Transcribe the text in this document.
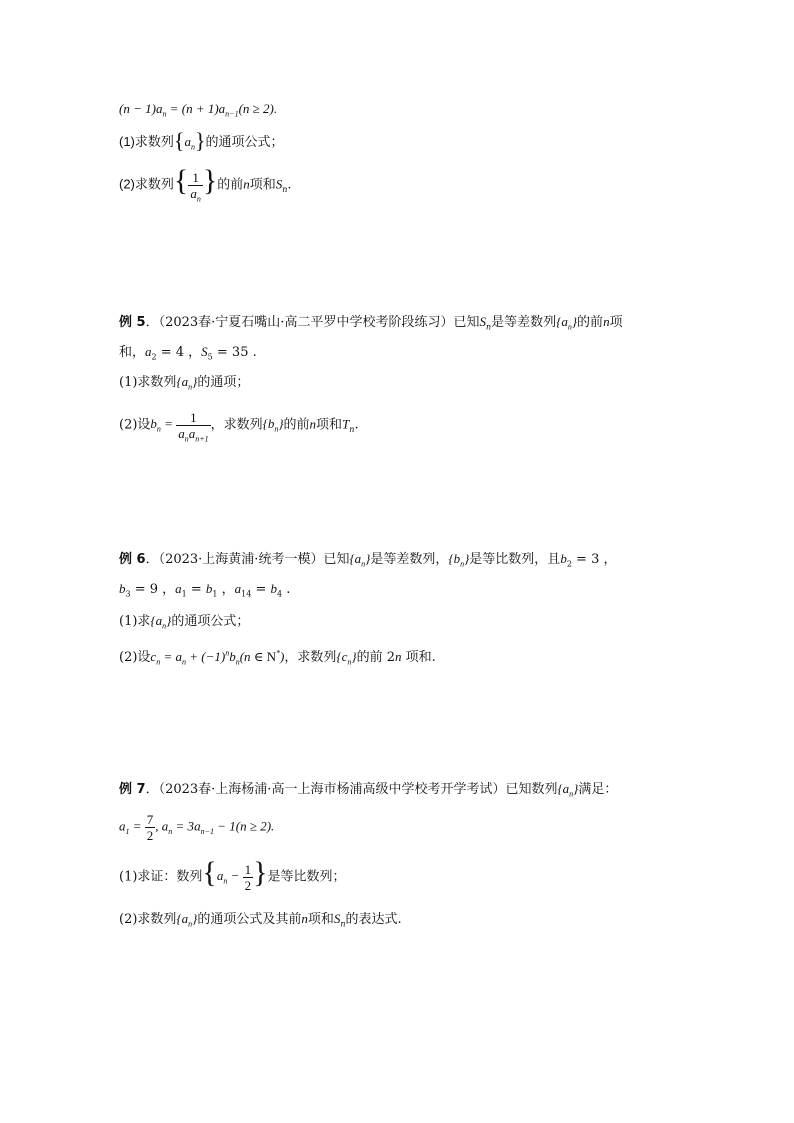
$(n - 1)a_n = (n + 1)a_{n-1}(n \ge 2)$.
(1)求数列$\{a_n\}$的通项公式；
(2)求数列{ $\frac{1}{a_n}$ }的前n项和$S_n$.
例 5．（2023春·宁夏石嘴山·高二平罗中学校考阶段练习）已知$S_n$是等差数列$\{a_n\}$的前n项
和，$a_2 = 4$ ，$S_5 = 35$ .
(1)求数列$\{a_n\}$的通项；
(2)设$b_n = \frac{1}{a_na_{n+1}}$ ，求数列$\{b_n\}$的前n项和$T_n$.
例 6．（2023·上海黄浦·统考一模）已知$\{a_n\}$是等差数列，$\{b_n\}$是等比数列，且$b_2 = 3$ ，
$b_3 = 9$ ，$a_1 = b_1$ ，$a_{14} = b_4$ .
(1)求$\{a_n\}$的通项公式；
(2)设$c_n = a_n + (-1)^nb_n(n$ ∈ N*)，求数列$\{c_n\}$的前 2n 项和.
例 7．（2023春·上海杨浦·高一上海市杨浦高级中学校考开学考试）已知数列$\{a_n\}$满足：
$a_1 = \frac{7}{2}$ , $a_n = 3a_{n-1} - 1(n \ge 2)$.
(1)求证：数列{$a_n - \frac{1}{2}$ }是等比数列；
(2)求数列$\{a_n\}$的通项公式及其前n项和$S_n$的表达式.
